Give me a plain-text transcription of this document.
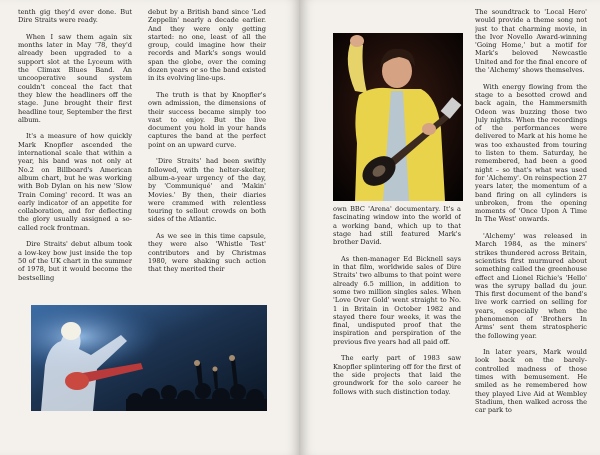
tenth gig they'd ever done. But Dire Straits were ready.

When I saw them again six months later in May '78, they'd already been upgraded to a support slot at the Lyceum with the Climax Blues Band. An uncooperative sound system couldn't conceal the fact that they blew the headliners off the stage. June brought their first headline tour, September the first album.

It's a measure of how quickly Mark Knopfler ascended the international scale that within a year, his band was not only at No.2 on Billboard's American album chart, but he was working with Bob Dylan on his new 'Slow Train Coming' record. It was an early indicator of an appetite for collaboration, and for deflecting the glory usually assigned a so-called rock frontman.

Dire Straits' debut album took a low-key bow just inside the top 50 of the UK chart in the summer of 1978, but it would become the bestselling

debut by a British band since 'Led Zeppelin' nearly a decade earlier. And they were only getting started: no one, least of all the group, could imagine how their records and Mark's songs would span the globe, over the coming dozen years or so the band existed in its evolving line-ups.

The truth is that by Knopfler's own admission, the dimensions of their success became simply too vast to enjoy. But the live document you hold in your hands captures the band at the perfect point on an upward curve.

'Dire Straits' had been swiftly followed, with the helter-skelter, album-a-year urgency of the day, by 'Communiqué' and 'Makin' Movies.' By then, their diaries were crammed with relentless touring to sellout crowds on both sides of the Atlantic.

As we see in this time capsule, they were also 'Whistle Test' contributors and by Christmas 1980, were shaking such action that they merited their

own BBC 'Arena' documentary. It's a fascinating window into the world of a working band, which up to that stage had still featured Mark's brother David.

As then-manager Ed Bicknell says in that film, worldwide sales of Dire Straits' two albums to that point were already 6.5 million, in addition to some two million singles sales. When 'Love Over Gold' went straight to No. 1 in Britain in October 1982 and stayed there four weeks, it was the final, undisputed proof that the inspiration and perspiration of the previous five years had all paid off.

The early part of 1983 saw Knopfler splintering off for the first of the side projects that laid the groundwork for the solo career he follows with such distinction today.

The soundtrack to 'Local Hero' would provide a theme song not just to that charming movie, in the Ivor Novello Award-winning 'Going Home,' but a motif for Mark's beloved Newcastle United and for the final encore of the 'Alchemy' shows themselves.

With energy flowing from the stage to a besotted crowd and back again, the Hammersmith Odeon was buzzing those two July nights. When the recordings of the performances were delivered to Mark at his home he was too exhausted from touring to listen to them. Saturday, he remembered, had been a good night – so that's what was used for 'Alchemy'. On reinspection 27 years later, the momentum of a band firing on all cylinders is unbroken, from the opening moments of 'Once Upon A Time In The West' onwards.

'Alchemy' was released in March 1984, as the miners' strikes thundered across Britain, scientists first murmured about something called the greenhouse effect and Lionel Richie's 'Hello' was the syrupy ballad du jour. This first document of the band's live work carried on selling for years, especially when the phenomenon of 'Brothers In Arms' sent them stratospheric the following year.

In later years, Mark would look back on the barely-controlled madness of those times with bemusement. He smiled as he remembered how they played Live Aid at Wembley Stadium, then walked across the car park to
